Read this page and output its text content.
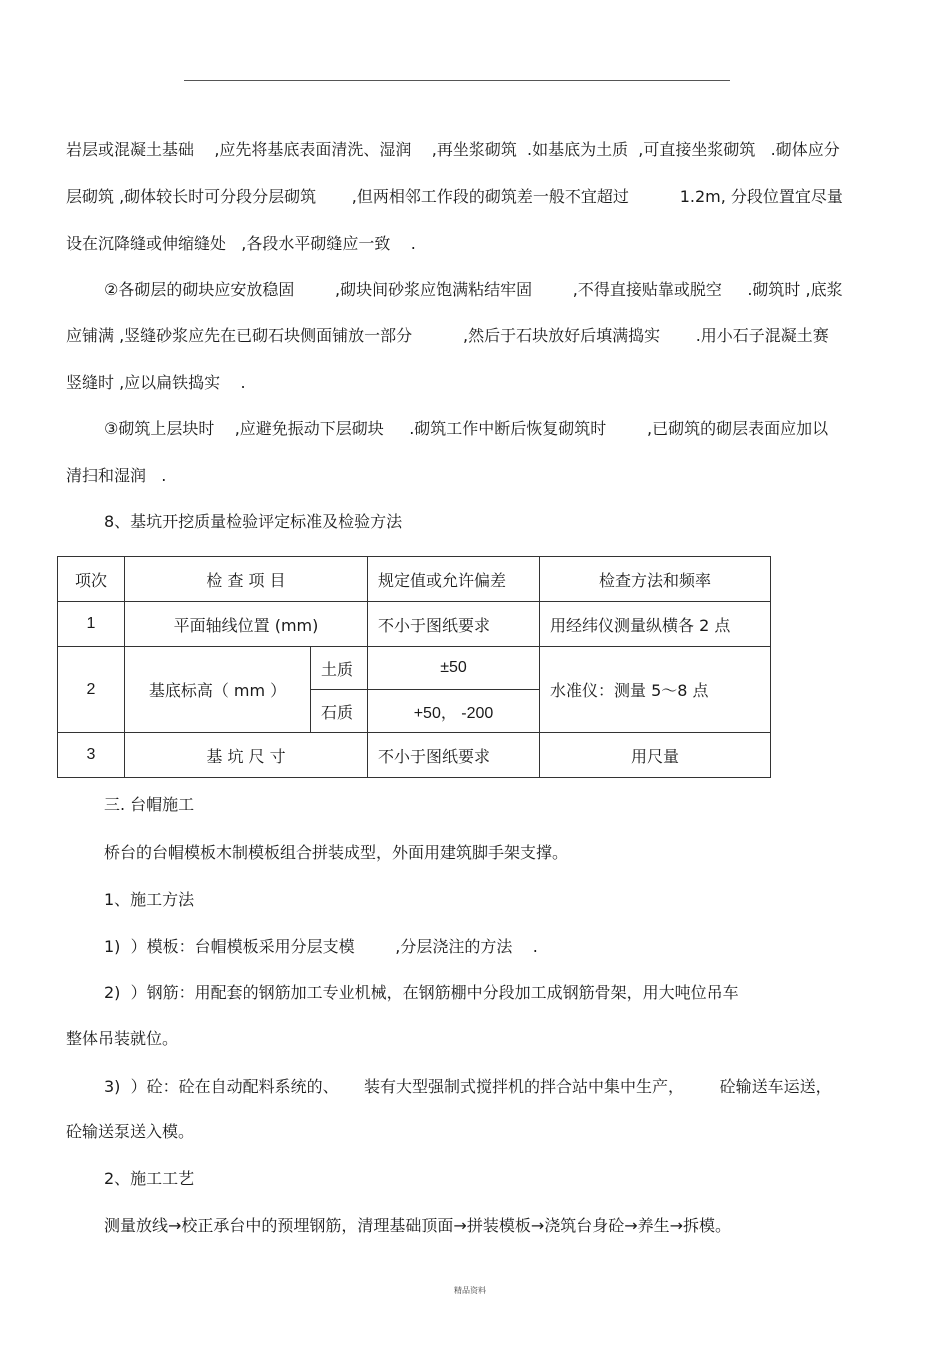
岩层或混凝土基础    ,应先将基底表面清洗、湿润    ,再坐浆砌筑  .如基底为土质  ,可直接坐浆砌筑   .砌体应分
层砌筑 ,砌体较长时可分段分层砌筑       ,但两相邻工作段的砌筑差一般不宜超过          1.2m, 分段位置宜尽量
设在沉降缝或伸缩缝处   ,各段水平砌缝应一致    .
②各砌层的砌块应安放稳固        ,砌块间砂浆应饱满粘结牢固        ,不得直接贴靠或脱空     .砌筑时 ,底浆
应铺满 ,竖缝砂浆应先在已砌石块侧面铺放一部分          ,然后于石块放好后填满捣实       .用小石子混凝土赛
竖缝时 ,应以扁铁捣实    .
③砌筑上层块时    ,应避免振动下层砌块     .砌筑工作中断后恢复砌筑时        ,已砌筑的砌层表面应加以
清扫和湿润   .
8、基坑开挖质量检验评定标准及检验方法
项次	检 查 项 目		规定值或允许偏差	检查方法和频率
1	平面轴线位置 (mm)		不小于图纸要求	用经纬仪测量纵横各 2 点
2	基底标高（ mm ）	土质	±50	水准仪：测量 5～8 点
		石质	+50， -200	
3	基 坑 尺 寸		不小于图纸要求	用尺量
三. 台帽施工
桥台的台帽模板木制模板组合拼装成型，外面用建筑脚手架支撑。
1、施工方法
1)  ）模板：台帽模板采用分层支模        ,分层浇注的方法    .
2)  ）钢筋：用配套的钢筋加工专业机械，在钢筋棚中分段加工成钢筋骨架，用大吨位吊车
整体吊装就位。
3)  ）砼：砼在自动配料系统的、     装有大型强制式搅拌机的拌合站中集中生产，       砼输送车运送，
砼输送泵送入模。
2、施工工艺
测量放线→校正承台中的预埋钢筋，清理基础顶面→拼装模板→浇筑台身砼→养生→拆模。
精品资料
